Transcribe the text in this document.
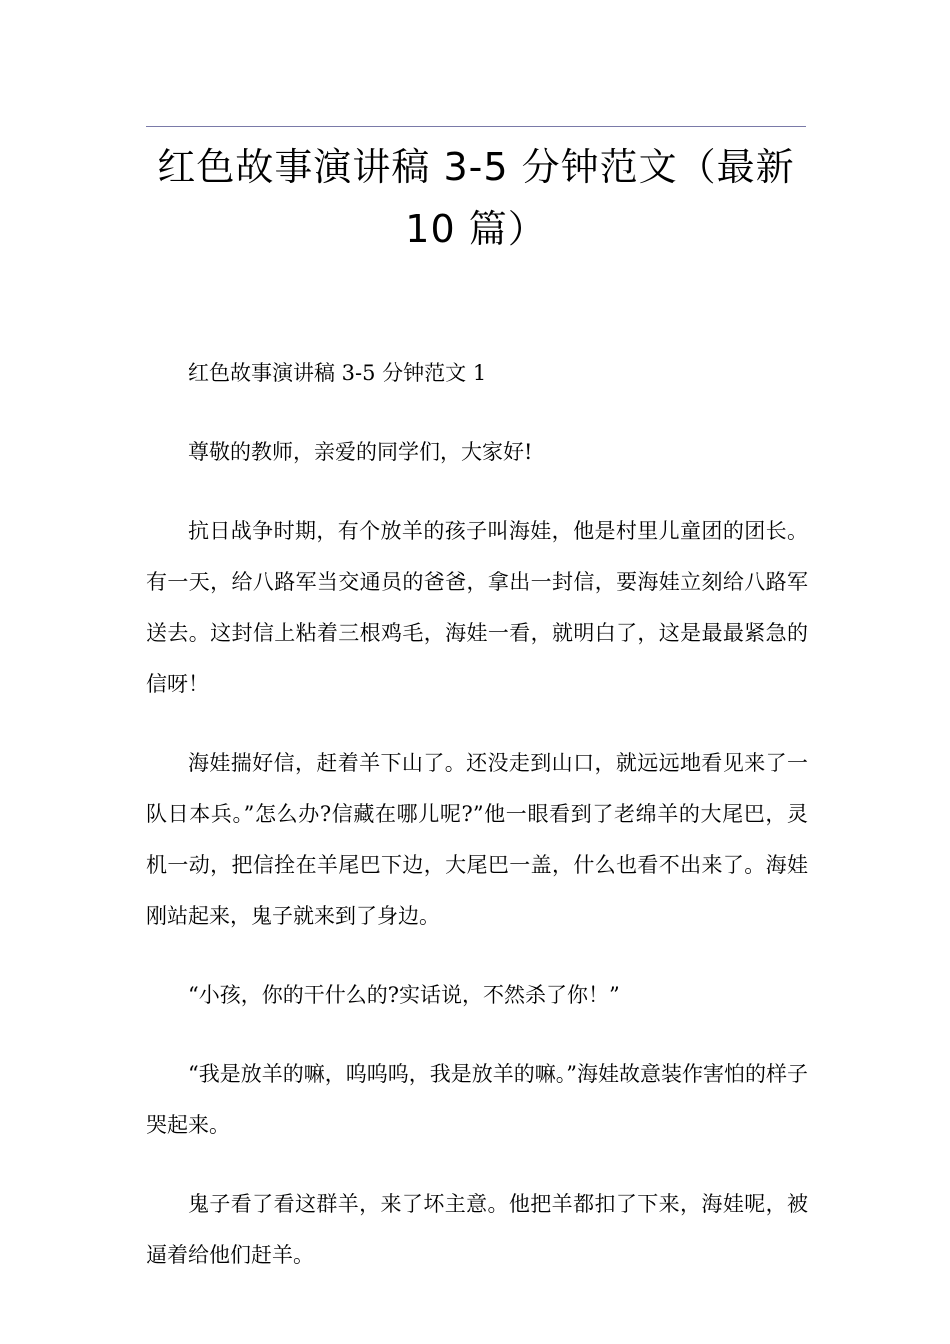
红色故事演讲稿 3-5 分钟范文（最新
10 篇）

红色故事演讲稿 3-5 分钟范文 1

尊敬的教师，亲爱的同学们，大家好!

抗日战争时期，有个放羊的孩子叫海娃，他是村里儿童团的团长。有一天，给八路军当交通员的爸爸，拿出一封信，要海娃立刻给八路军送去。这封信上粘着三根鸡毛，海娃一看，就明白了，这是最最紧急的信呀！

海娃揣好信，赶着羊下山了。还没走到山口，就远远地看见来了一队日本兵。”怎么办?信藏在哪儿呢?”他一眼看到了老绵羊的大尾巴，灵机一动，把信拴在羊尾巴下边，大尾巴一盖，什么也看不出来了。海娃刚站起来，鬼子就来到了身边。

“小孩，你的干什么的?实话说，不然杀了你！”

“我是放羊的嘛，呜呜呜，我是放羊的嘛。”海娃故意装作害怕的样子哭起来。

鬼子看了看这群羊，来了坏主意。他把羊都扣了下来，海娃呢，被逼着给他们赶羊。
